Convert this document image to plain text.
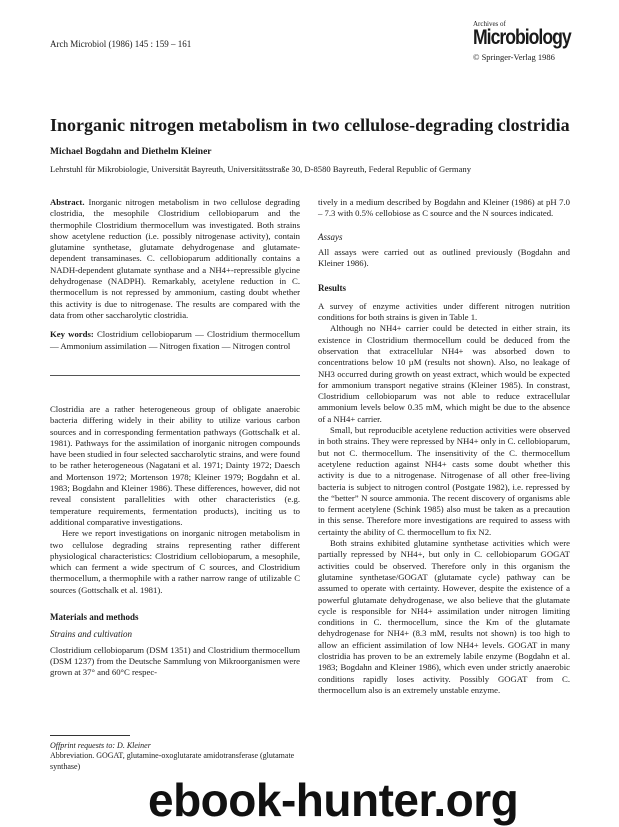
Arch Microbiol (1986) 145 : 159 – 161
Archives of
Microbiology
© Springer-Verlag 1986
Inorganic nitrogen metabolism in two cellulose-degrading clostridia
Michael Bogdahn and Diethelm Kleiner
Lehrstuhl für Mikrobiologie, Universität Bayreuth, Universitätsstraße 30, D-8580 Bayreuth, Federal Republic of Germany

Abstract. Inorganic nitrogen metabolism in two cellulose degrading clostridia, the mesophile Clostridium cellobioparum and the thermophile Clostridium thermocellum was investigated. Both strains show acetylene reduction (i.e. possibly nitrogenase activity), contain glutamine synthetase, glutamate dehydrogenase and glutamate-dependent transaminases. C. cellobioparum additionally contains a NADH-dependent glutamate synthase and a NH4+-repressible glycine dehydrogenase (NADPH). Remarkably, acetylene reduction in C. thermocellum is not repressed by ammonium, casting doubt whether this activity is due to nitrogenase. The results are compared with the data from other saccharolytic clostridia.

Key words: Clostridium cellobioparum — Clostridium thermocellum — Ammonium assimilation — Nitrogen fixation — Nitrogen control

Clostridia are a rather heterogeneous group of obligate anaerobic bacteria differing widely in their ability to utilize various carbon sources and in corresponding fermentation pathways (Gottschalk et al. 1981). Pathways for the assimilation of inorganic nitrogen compounds have been studied in four selected saccharolytic strains, and were found to be rather heterogeneous (Nagatani et al. 1971; Dainty 1972; Daesch and Mortenson 1972; Mortenson 1978; Kleiner 1979; Bogdahn et al. 1983; Bogdahn and Kleiner 1986). These differences, however, did not reveal consistent parallelities with other characteristics (e.g. temperature requirements, fermentation products), inciting us to additional comparative investigations.

Here we report investigations on inorganic nitrogen metabolism in two cellulose degrading strains representing rather different physiological characteristics: Clostridium cellobioparum, a mesophile, which can ferment a wide spectrum of C sources, and Clostridium thermocellum, a thermophile with a rather narrow range of utilizable C sources (Gottschalk et al. 1981).

Materials and methods

Strains and cultivation

Clostridium cellobioparum (DSM 1351) and Clostridium thermocellum (DSM 1237) from the Deutsche Sammlung von Mikroorganismen were grown at 37° and 60°C respec-

Offprint requests to: D. Kleiner

Abbreviation. GOGAT, glutamine-oxoglutarate amidotransferase (glutamate synthase)

tively in a medium described by Bogdahn and Kleiner (1986) at pH 7.0 – 7.3 with 0.5% cellobiose as C source and the N sources indicated.

Assays

All assays were carried out as outlined previously (Bogdahn and Kleiner 1986).

Results

A survey of enzyme activities under different nitrogen nutrition conditions for both strains is given in Table 1.

Although no NH4+ carrier could be detected in either strain, its existence in Clostridium thermocellum could be deduced from the observation that extracellular NH4+ was absorbed down to concentrations below 10 µM (results not shown). Also, no leakage of NH3 occurred during growth on yeast extract, which would be expected for ammonium transport negative strains (Kleiner 1985). In constrast, Clostridium cellobioparum was not able to reduce extracellular ammonium levels below 0.35 mM, which might be due to the absence of a NH4+ carrier.

Small, but reproducible acetylene reduction activities were observed in both strains. They were repressed by NH4+ only in C. cellobioparum, but not C. thermocellum. The insensitivity of the C. thermocellum acetylene reduction against NH4+ casts some doubt whether this activity is due to a nitrogenase. Nitrogenase of all other free-living bacteria is subject to nitrogen control (Postgate 1982), i.e. repressed by the “better” N source ammonia. The recent discovery of organisms able to ferment acetylene (Schink 1985) also must be taken as a precaution in this sense. Therefore more investigations are required to assess with certainty the ability of C. thermocellum to fix N2.

Both strains exhibited glutamine synthetase activities which were partially repressed by NH4+, but only in C. cellobioparum GOGAT activities could be observed. Therefore only in this organism the glutamine synthetase/GOGAT (glutamate cycle) pathway can be assumed to operate with certainty. However, despite the existence of a powerful glutamate dehydrogenase, we also believe that the glutamate cycle is responsible for NH4+ assimilation under nitrogen limiting conditions in C. thermocellum, since the Km of the glutamate dehydrogenase for NH4+ (8.3 mM, results not shown) is too high to allow an efficient assimilation of low NH4+ levels. GOGAT in many clostridia has proven to be an extremely labile enzyme (Bogdahn et al. 1983; Bogdahn and Kleiner 1986), which even under strictly anaerobic conditions rapidly loses activity. Possibly GOGAT from C. thermocellum also is an extremely unstable enzyme.

ebook-hunter.org
